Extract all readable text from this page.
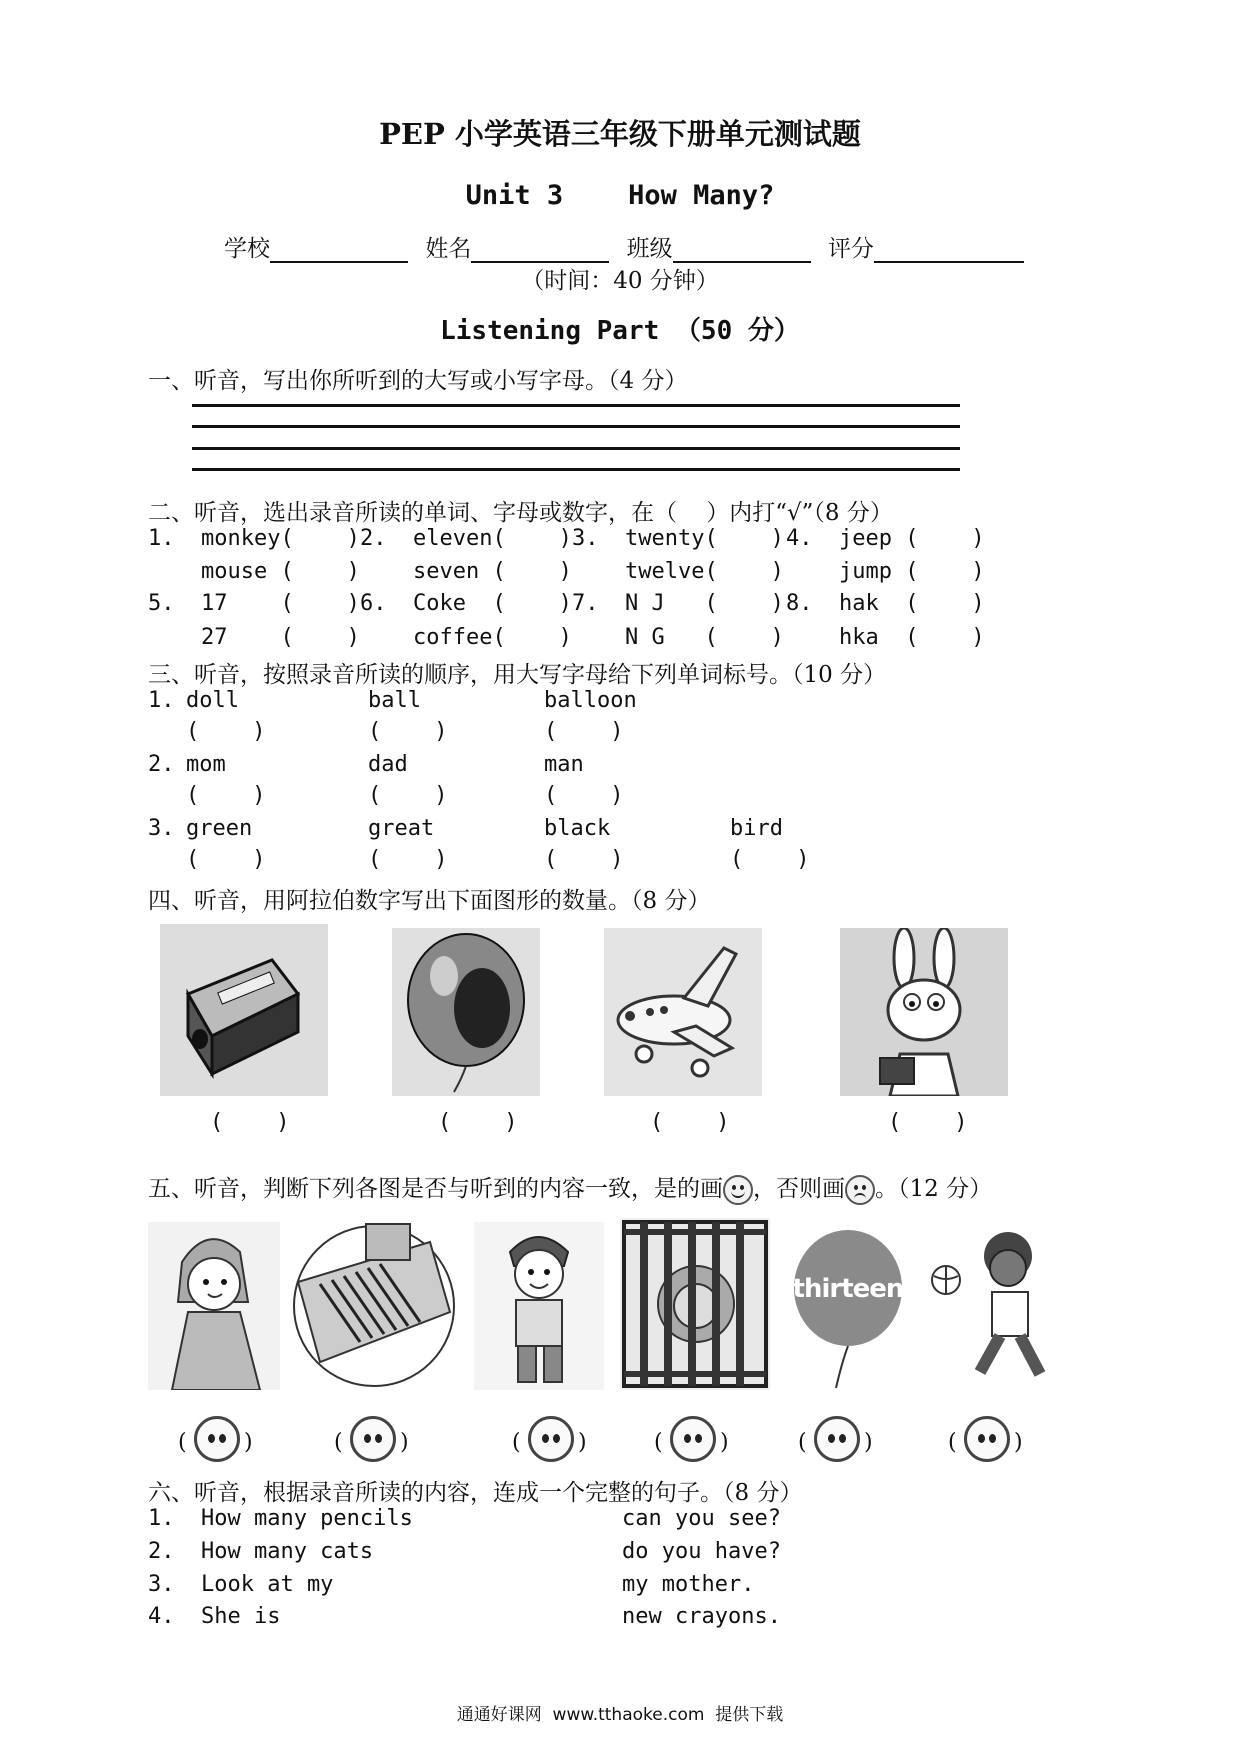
PEP 小学英语三年级下册单元测试题
Unit 3    How Many?
学校	姓名	班级	评分
（时间：40 分钟）
Listening Part （50 分）
一、听音，写出你所听到的大写或小写字母。（4 分）
二、听音，选出录音所读的单词、字母或数字，在（    ）内打“√”（8 分）
1.  monkey(    ) 2.  eleven(    ) 3.  twenty(    ) 4.  jeep (    )
mouse (    ) seven (    ) twelve(    ) jump (    )
5.  17    (    ) 6.  Coke  (    ) 7.  N J   (    ) 8.  hak  (    )
27    (    ) coffee(    ) N G   (    ) hka  (    )
三、听音，按照录音所读的顺序，用大写字母给下列单词标号。（10 分）
1. doll
(    )
ball
(    )
balloon
(    )
2. mom
(    )
dad
(    )
man
(    )
3. green
(    )
great
(    )
black
(    )
bird
(    )
四、听音，用阿拉伯数字写出下面图形的数量。（8 分）
(    )	(    )	(    )	(    )
五、听音，判断下列各图是否与听到的内容一致，是的画 ，否则画 。（12 分）
thirteen
(	)	(	)	(	)	(	)	(	)	(	)
六、听音，根据录音所读的内容，连成一个完整的句子。（8 分）
1.  How many pencils	can you see?
2.  How many cats	do you have?
3.  Look at my	my mother.
4.  She is	new crayons.
通通好课网  www.tthaoke.com  提供下载
